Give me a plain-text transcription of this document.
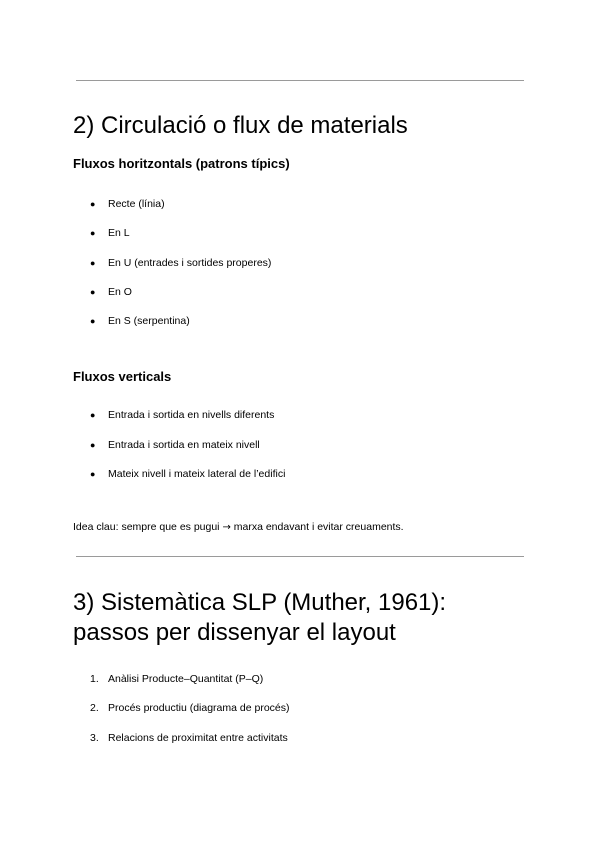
2) Circulació o flux de materials
Fluxos horitzontals (patrons típics)
● Recte (línia)
● En L
● En U (entrades i sortides properes)
● En O
● En S (serpentina)
Fluxos verticals
● Entrada i sortida en nivells diferents
● Entrada i sortida en mateix nivell
● Mateix nivell i mateix lateral de l’edifici
Idea clau: sempre que es pugui → marxa endavant i evitar creuaments.
3) Sistemàtica SLP (Muther, 1961):
passos per dissenyar el layout
1. Anàlisi Producte–Quantitat (P–Q)
2. Procés productiu (diagrama de procés)
3. Relacions de proximitat entre activitats
